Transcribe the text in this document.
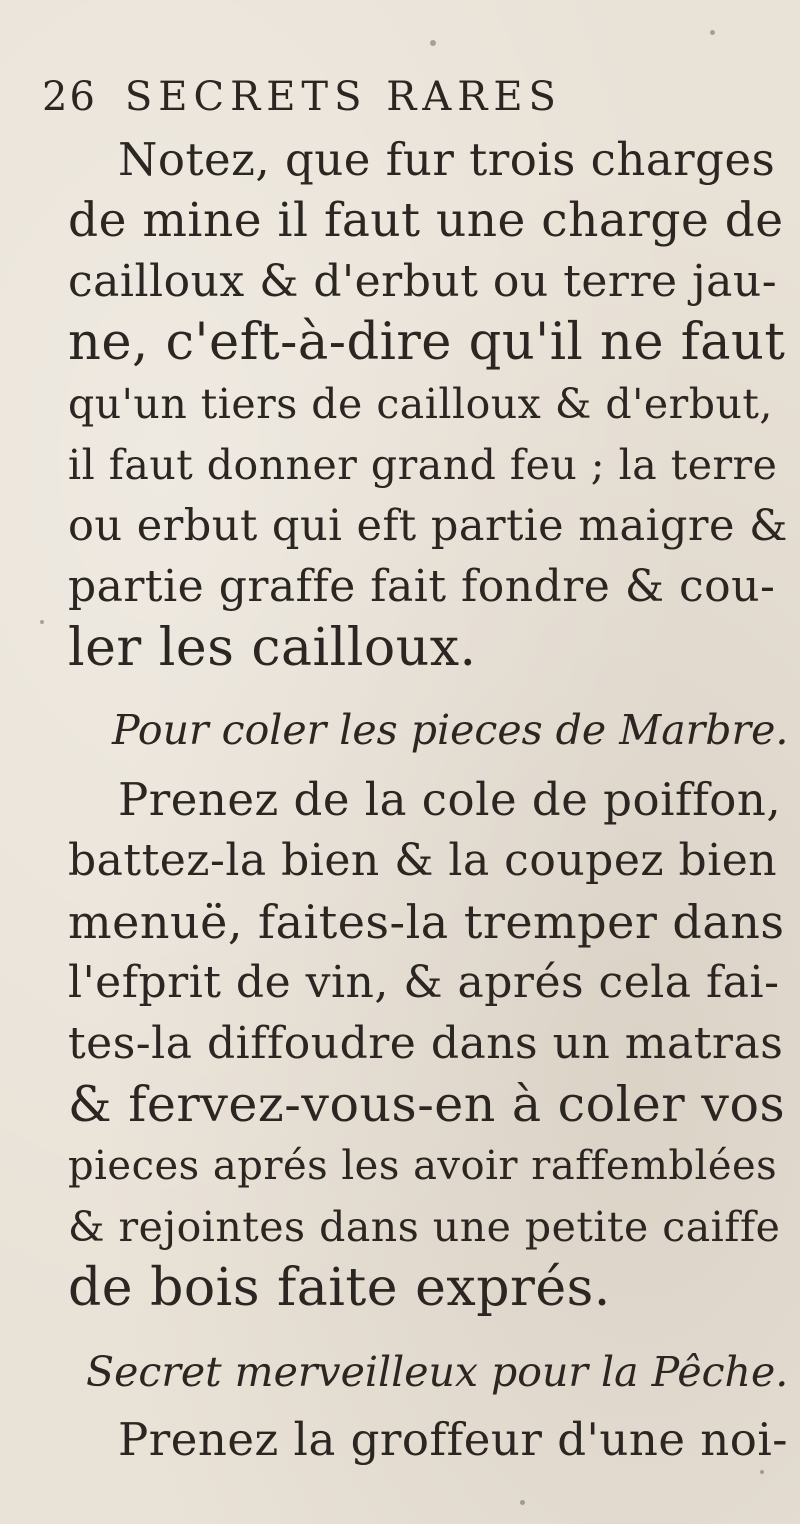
26 SECRETS RARES
Notez, que fur trois charges
de mine il faut une charge de
cailloux & d'erbut ou terre jau-
ne, c'eft-à-dire qu'il ne faut
qu'un tiers de cailloux & d'erbut,
il faut donner grand feu ; la terre
ou erbut qui eft partie maigre &
partie graffe fait fondre & cou-
ler les cailloux.
Pour coler les pieces de Marbre.
Prenez de la cole de poiffon,
battez-la bien & la coupez bien
menuë, faites-la tremper dans
l'efprit de vin, & aprés cela fai-
tes-la diffoudre dans un matras
& fervez-vous-en à coler vos
pieces aprés les avoir raffemblées
& rejointes dans une petite caiffe
de bois faite exprés.
Secret merveilleux pour la Pêche.
Prenez la groffeur d'une noi-
